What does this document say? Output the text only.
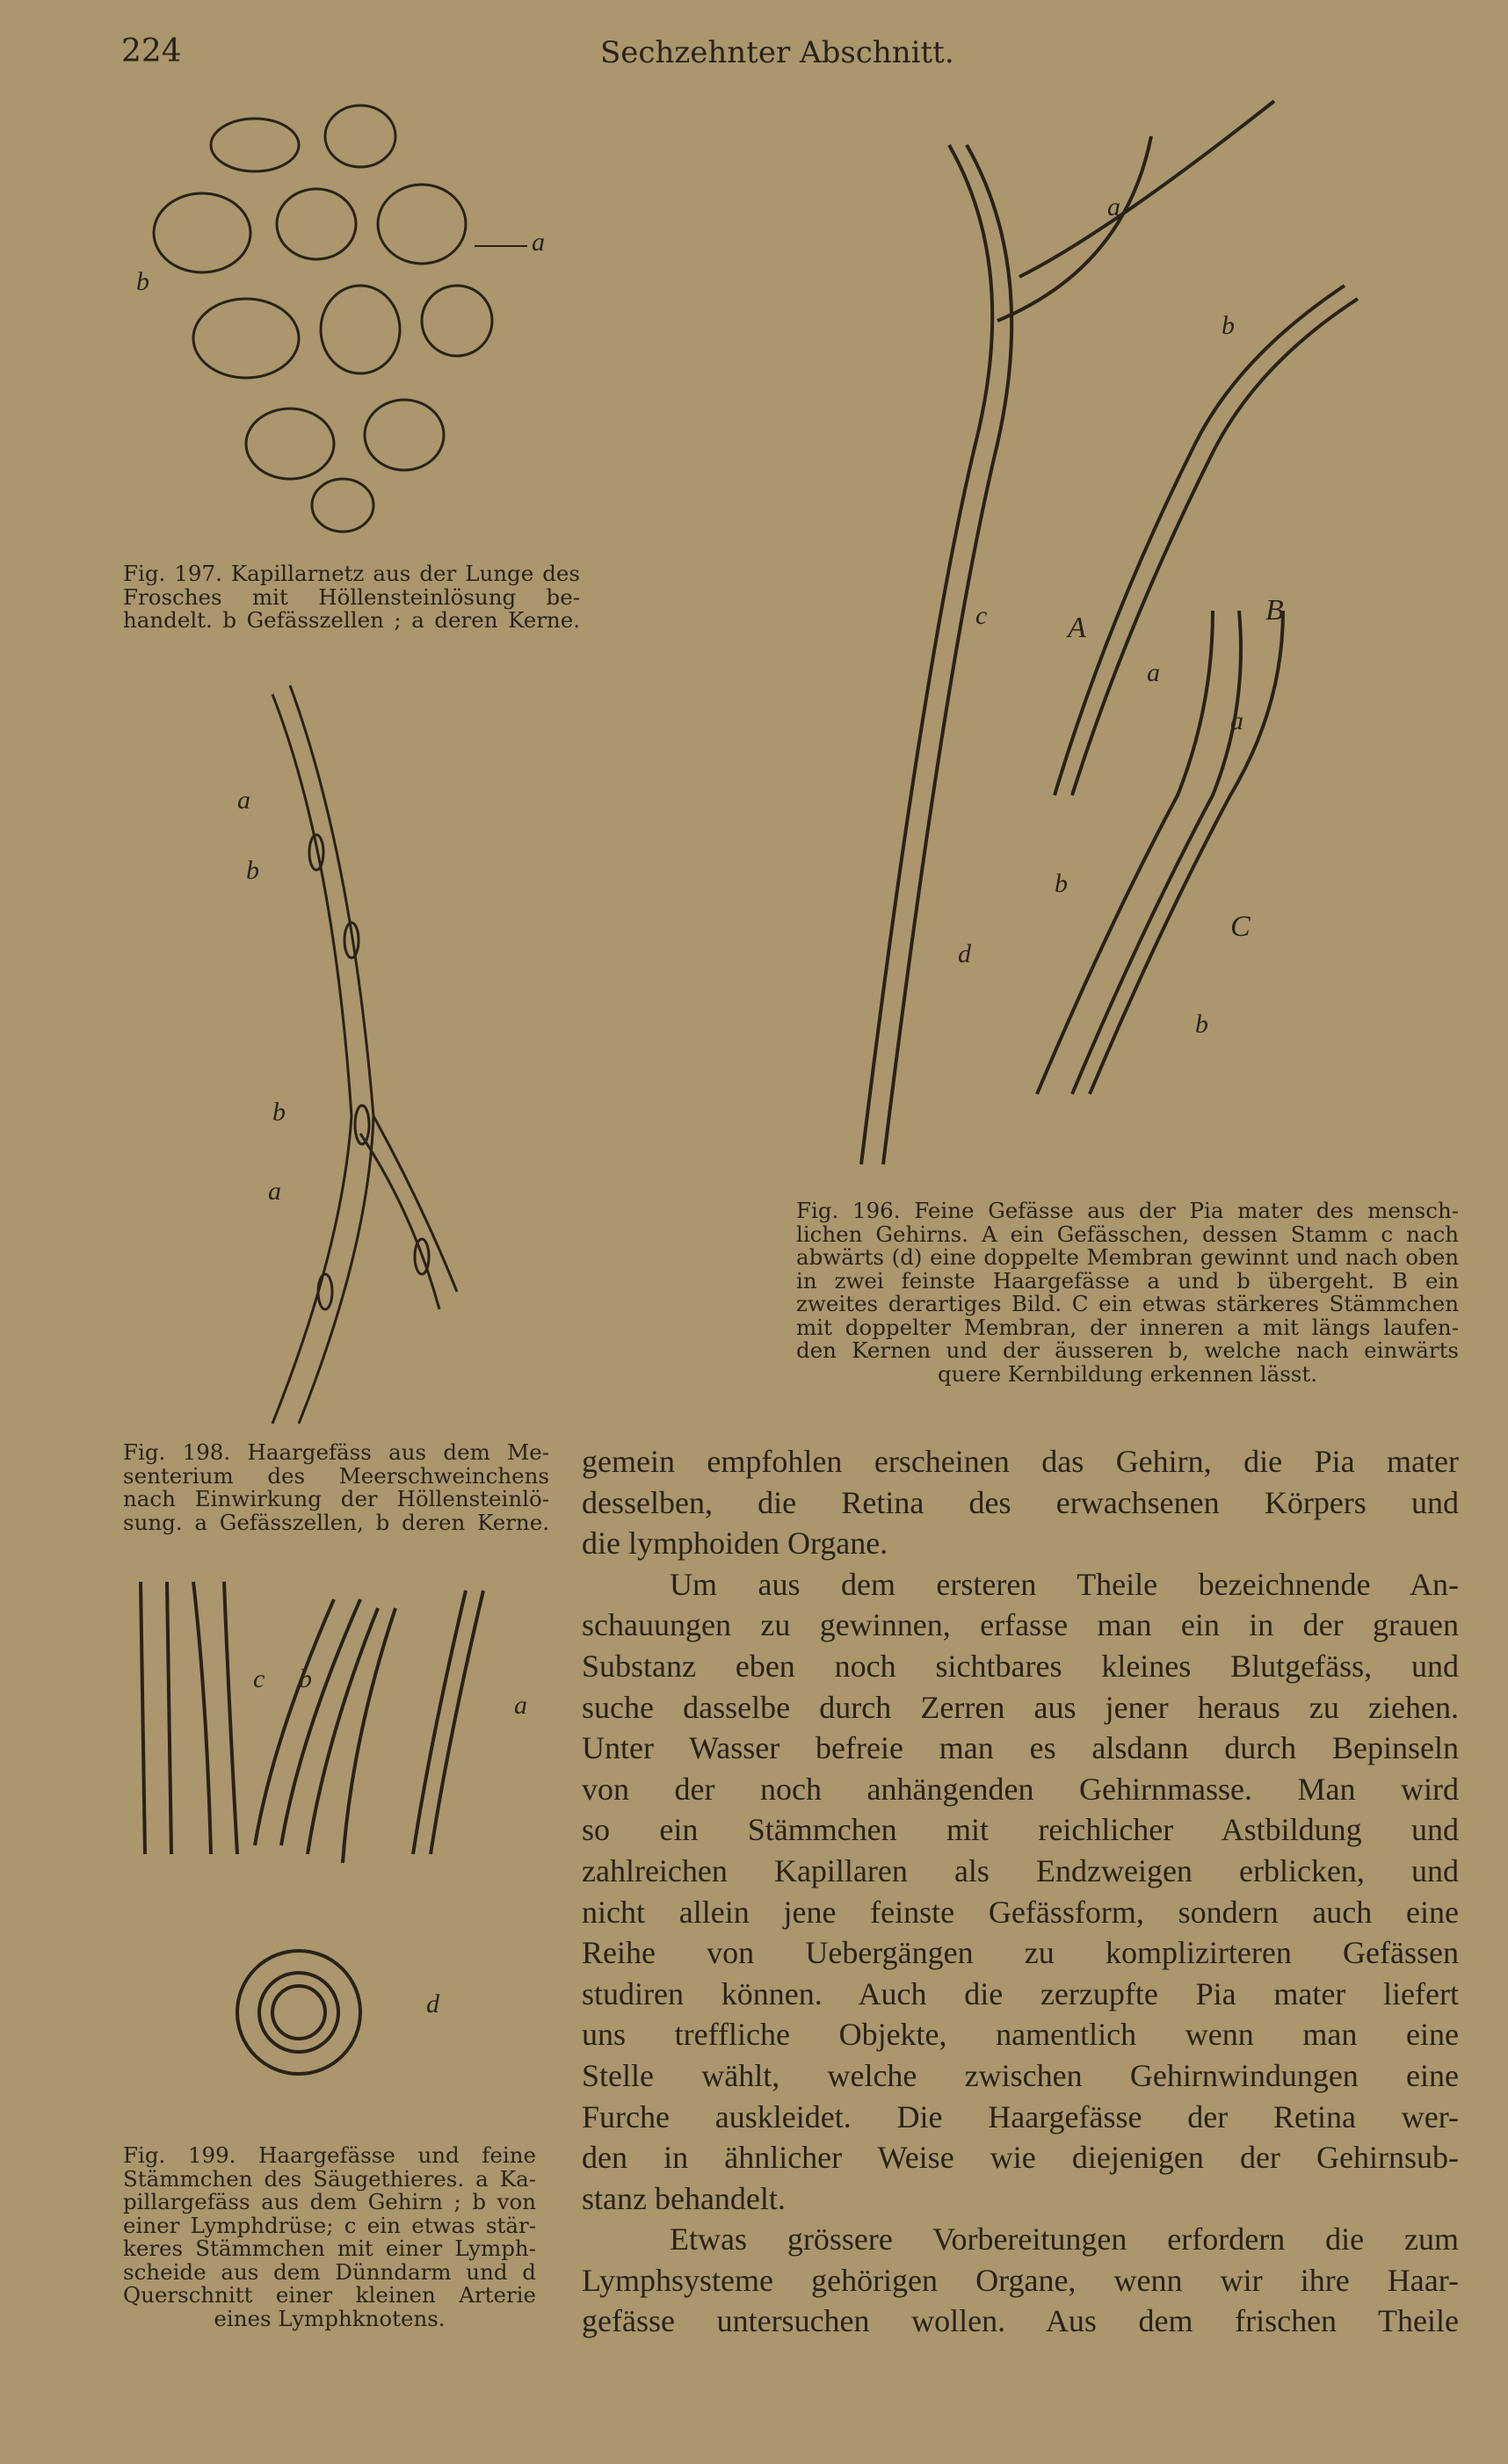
224	Sechzehnter Abschnitt.
a
b
Fig. 197. Kapillarnetz aus der Lunge des
Frosches mit Höllensteinlösung be-
handelt. b Gefässzellen ; a deren Kerne.
a
b
c	A
d
B
a
a
b
C
b
Fig. 196. Feine Gefässe aus der Pia mater des mensch-
lichen Gehirns. A ein Gefässchen, dessen Stamm c nach
abwärts (d) eine doppelte Membran gewinnt und nach oben
in zwei feinste Haargefässe a und b übergeht. B ein
zweites derartiges Bild. C ein etwas stärkeres Stämmchen
mit doppelter Membran, der inneren a mit längs laufen-
den Kernen und der äusseren b, welche nach einwärts
quere Kernbildung erkennen lässt.
a
b
b
a
Fig. 198. Haargefäss aus dem Me-
senterium des Meerschweinchens
nach Einwirkung der Höllensteinlö-
sung. a Gefässzellen, b deren Kerne.
c b
a
d
Fig. 199. Haargefässe und feine
Stämmchen des Säugethieres. a Ka-
pillargefäss aus dem Gehirn ; b von
einer Lymphdrüse; c ein etwas stär-
keres Stämmchen mit einer Lymph-
scheide aus dem Dünndarm und d
Querschnitt einer kleinen Arterie
eines Lymphknotens.
gemein empfohlen erscheinen das Gehirn, die Pia mater
desselben, die Retina des erwachsenen Körpers und
die lymphoiden Organe.
Um aus dem ersteren Theile bezeichnende An-
schauungen zu gewinnen, erfasse man ein in der grauen
Substanz eben noch sichtbares kleines Blutgefäss, und
suche dasselbe durch Zerren aus jener heraus zu ziehen.
Unter Wasser befreie man es alsdann durch Bepinseln
von der noch anhängenden Gehirnmasse. Man wird
so ein Stämmchen mit reichlicher Astbildung und
zahlreichen Kapillaren als Endzweigen erblicken, und
nicht allein jene feinste Gefässform, sondern auch eine
Reihe von Uebergängen zu komplizirteren Gefässen
studiren können. Auch die zerzupfte Pia mater liefert
uns treffliche Objekte, namentlich wenn man eine
Stelle wählt, welche zwischen Gehirnwindungen eine
Furche auskleidet. Die Haargefässe der Retina wer-
den in ähnlicher Weise wie diejenigen der Gehirnsub-
stanz behandelt.
Etwas grössere Vorbereitungen erfordern die zum
Lymphsysteme gehörigen Organe, wenn wir ihre Haar-
gefässe untersuchen wollen. Aus dem frischen Theile
